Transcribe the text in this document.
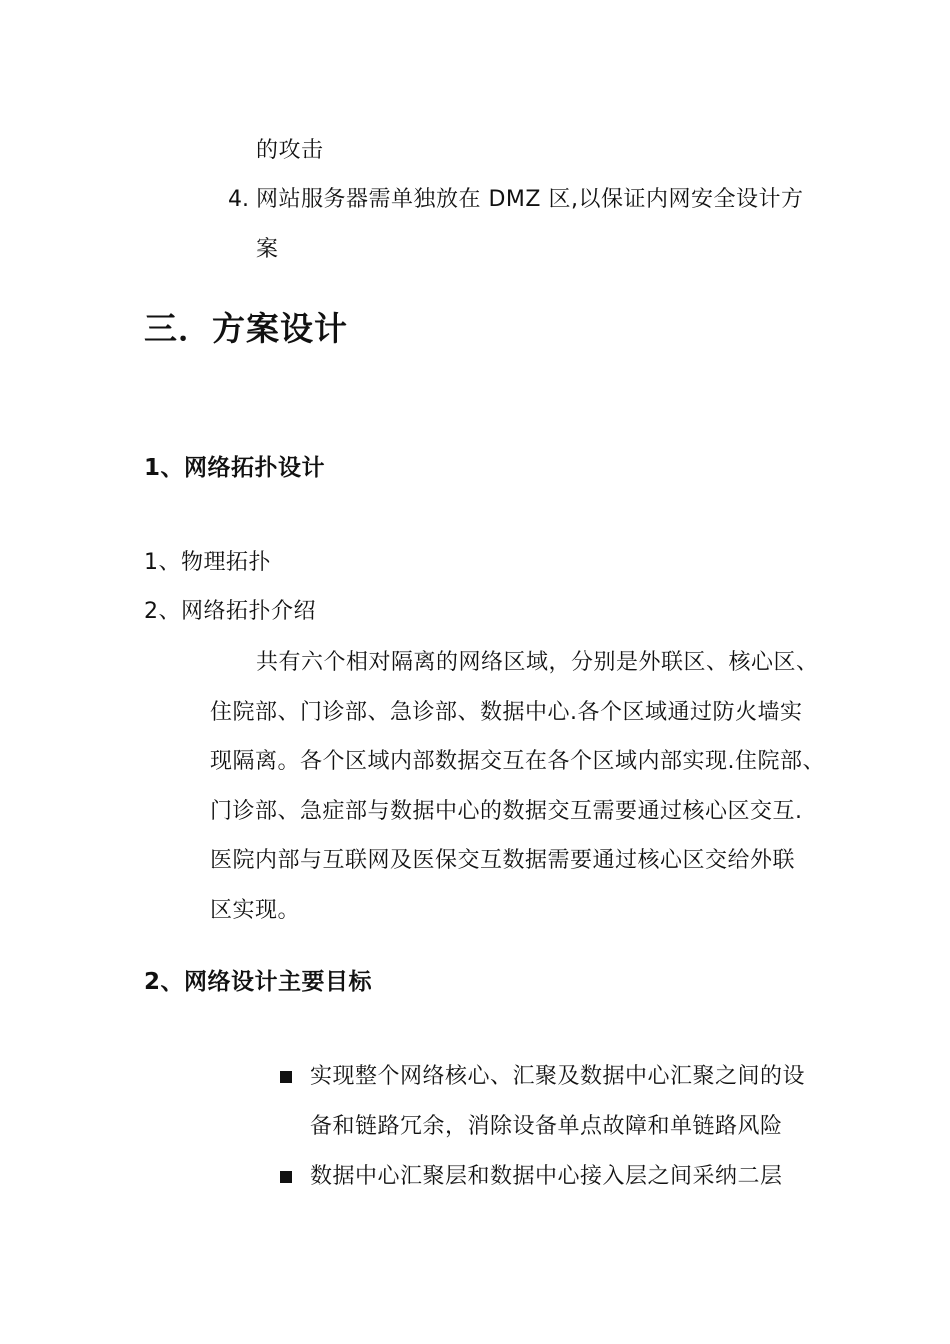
的攻击
4. 网站服务器需单独放在 DMZ 区,以保证内网安全设计方
案
三．方案设计
1、网络拓扑设计
1、物理拓扑
2、网络拓扑介绍
共有六个相对隔离的网络区域，分别是外联区、核心区、
住院部、门诊部、急诊部、数据中心.各个区域通过防火墙实
现隔离。各个区域内部数据交互在各个区域内部实现.住院部、
门诊部、急症部与数据中心的数据交互需要通过核心区交互.
医院内部与互联网及医保交互数据需要通过核心区交给外联
区实现。
2、网络设计主要目标
实现整个网络核心、汇聚及数据中心汇聚之间的设
备和链路冗余，消除设备单点故障和单链路风险
数据中心汇聚层和数据中心接入层之间采纳二层
